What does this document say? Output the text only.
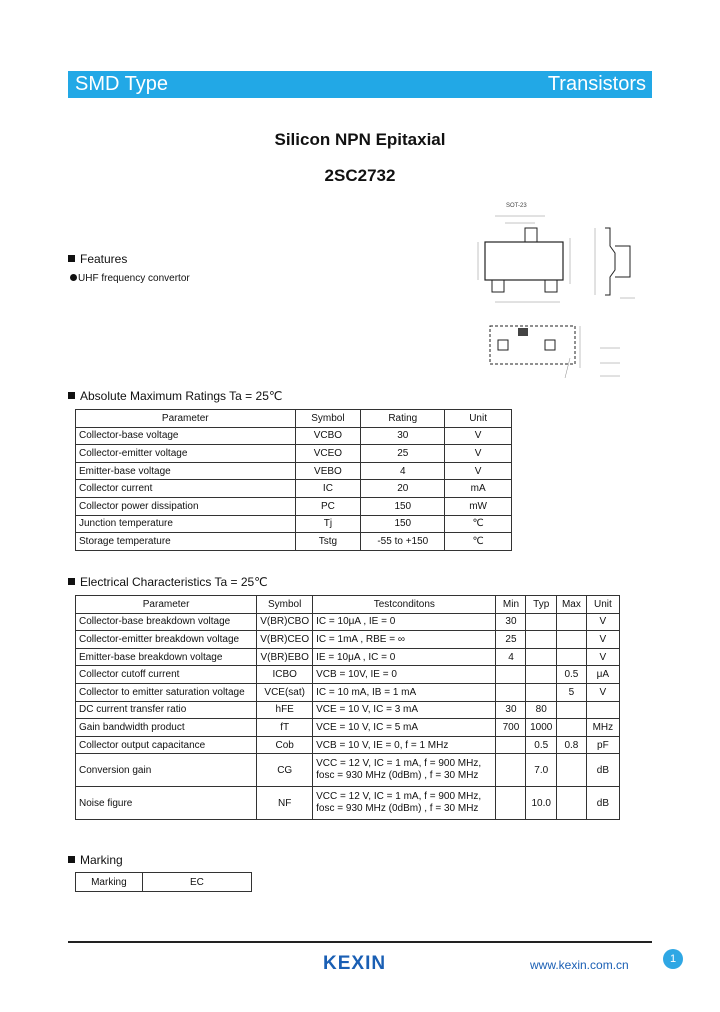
SMD Type	Transistors
Silicon NPN Epitaxial
2SC2732
Features
UHF frequency convertor
SOT-23
Absolute Maximum Ratings Ta = 25℃
Parameter	Symbol	Rating	Unit
Collector-base voltage	VCBO	30	V
Collector-emitter voltage	VCEO	25	V
Emitter-base voltage	VEBO	4	V
Collector current	IC	20	mA
Collector power dissipation	PC	150	mW
Junction temperature	Tj	150	℃
Storage temperature	Tstg	-55 to +150	℃
Electrical Characteristics Ta = 25℃
Parameter	Symbol	Testconditons	Min	Typ	Max	Unit
Collector-base breakdown voltage	V(BR)CBO	IC = 10μA , IE = 0	30			V
Collector-emitter breakdown voltage	V(BR)CEO	IC = 1mA , RBE = ∞	25			V
Emitter-base breakdown voltage	V(BR)EBO	IE = 10μA , IC = 0	4			V
Collector cutoff current	ICBO	VCB = 10V, IE = 0			0.5	μA
Collector to emitter saturation voltage	VCE(sat)	IC = 10 mA, IB = 1 mA			5	V
DC current transfer ratio	hFE	VCE = 10 V, IC = 3 mA	30	80		
Gain bandwidth product	fT	VCE = 10 V, IC = 5 mA	700	1000		MHz
Collector output capacitance	Cob	VCB = 10 V, IE = 0, f = 1 MHz		0.5	0.8	pF
Conversion gain	CG	VCC = 12 V, IC = 1 mA, f = 900 MHz,
fosc = 930 MHz (0dBm) , f = 30 MHz		7.0		dB
Noise figure	NF	VCC = 12 V, IC = 1 mA, f = 900 MHz,
fosc = 930 MHz (0dBm) , f = 30 MHz		10.0		dB
Marking
Marking	EC
KEXIN	www.kexin.com.cn	1
